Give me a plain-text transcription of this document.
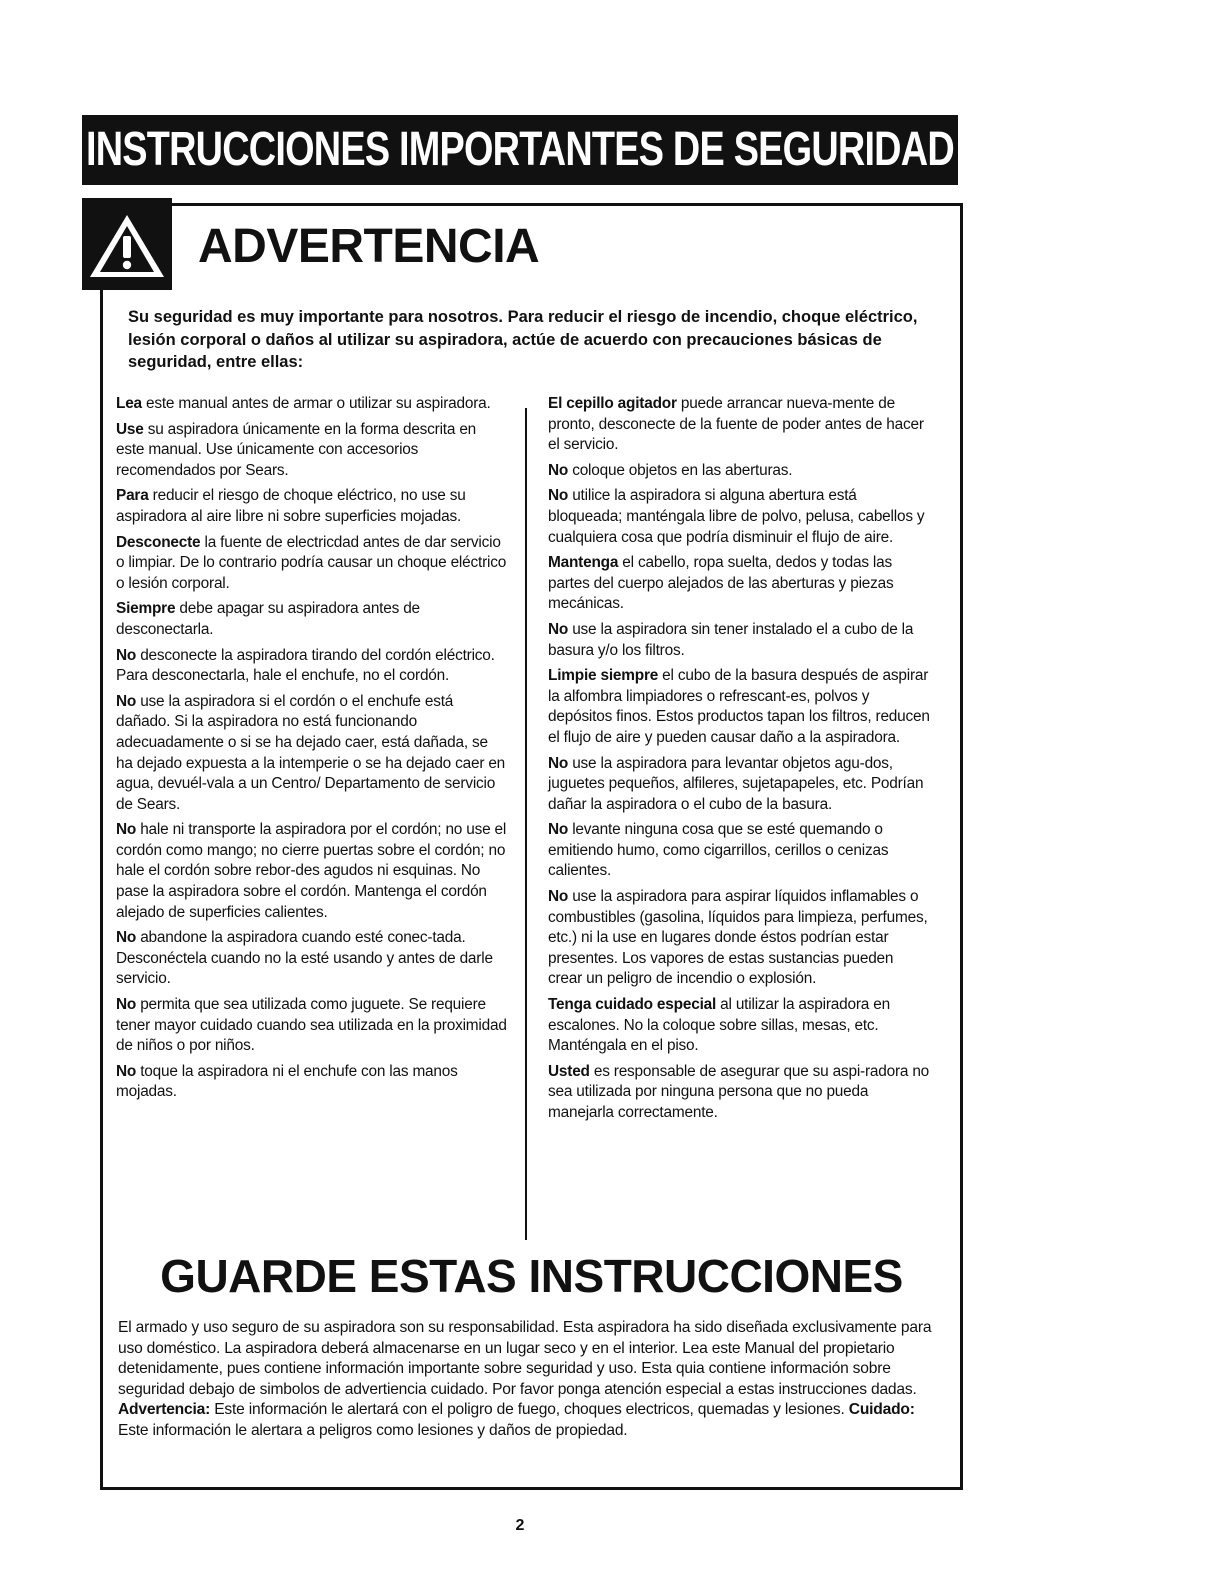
INSTRUCCIONES IMPORTANTES DE SEGURIDAD
ADVERTENCIA
Su seguridad es muy importante para nosotros. Para reducir el riesgo de incendio, choque eléctrico, lesión corporal o daños al utilizar su aspiradora, actúe de acuerdo con precauciones básicas de seguridad, entre ellas:

Lea este manual antes de armar o utilizar su aspiradora.

Use su aspiradora únicamente en la forma descrita en este manual. Use únicamente con accesorios recomendados por Sears.

Para reducir el riesgo de choque eléctrico, no use su aspiradora al aire libre ni sobre superficies mojadas.

Desconecte la fuente de electricdad antes de dar servicio o limpiar. De lo contrario podría causar un choque eléctrico o lesión corporal.

Siempre debe apagar su aspiradora antes de desconectarla.

No desconecte la aspiradora tirando del cordón eléctrico. Para desconectarla, hale el enchufe, no el cordón.

No use la aspiradora si el cordón o el enchufe está dañado. Si la aspiradora no está funcionando adecuadamente o si se ha dejado caer, está dañada, se ha dejado expuesta a la intemperie o se ha dejado caer en agua, devuél-vala a un Centro/ Departamento de servicio de Sears.

No hale ni transporte la aspiradora por el cordón; no use el cordón como mango; no cierre puertas sobre el cordón; no hale el cordón sobre rebor-des agudos ni esquinas. No pase la aspiradora sobre el cordón. Mantenga el cordón alejado de superficies calientes.

No abandone la aspiradora cuando esté conec-tada. Desconéctela cuando no la esté usando y antes de darle servicio.

No permita que sea utilizada como juguete. Se requiere tener mayor cuidado cuando sea utilizada en la proximidad de niños o por niños.

No toque la aspiradora ni el enchufe con las manos mojadas.

El cepillo agitador puede arrancar nueva-mente de pronto, desconecte de la fuente de poder antes de hacer el servicio.

No coloque objetos en las aberturas.

No utilice la aspiradora si alguna abertura está bloqueada; manténgala libre de polvo, pelusa, cabellos y cualquiera cosa que podría disminuir el flujo de aire.

Mantenga el cabello, ropa suelta, dedos y todas las partes del cuerpo alejados de las aberturas y piezas mecánicas.

No use la aspiradora sin tener instalado el a cubo de la basura y/o los filtros.

Limpie siempre el cubo de la basura después de aspirar la alfombra limpiadores o refrescant-es, polvos y depósitos finos. Estos productos tapan los filtros, reducen el flujo de aire y pueden causar daño a la aspiradora.

No use la aspiradora para levantar objetos agu-dos, juguetes pequeños, alfileres, sujetapapeles, etc. Podrían dañar la aspiradora o el cubo de la basura.

No levante ninguna cosa que se esté quemando o emitiendo humo, como cigarrillos, cerillos o cenizas calientes.

No use la aspiradora para aspirar líquidos inflamables o combustibles (gasolina, líquidos para limpieza, perfumes, etc.) ni la use en lugares donde éstos podrían estar presentes. Los vapores de estas sustancias pueden crear un peligro de incendio o explosión.

Tenga cuidado especial al utilizar la aspiradora en escalones. No la coloque sobre sillas, mesas, etc. Manténgala en el piso.

Usted es responsable de asegurar que su aspi-radora no sea utilizada por ninguna persona que no pueda manejarla correctamente.

GUARDE ESTAS INSTRUCCIONES
El armado y uso seguro de su aspiradora son su responsabilidad. Esta aspiradora ha sido diseñada exclusivamente para uso doméstico. La aspiradora deberá almacenarse en un lugar seco y en el interior. Lea este Manual del propietario detenidamente, pues contiene información importante sobre seguridad y uso. Esta quia contiene información sobre seguridad debajo de simbolos de advertiencia cuidado. Por favor ponga atención especial a estas instrucciones dadas. Advertencia: Este información le alertará con el poligro de fuego, choques electricos, quemadas y lesiones. Cuidado: Este información le alertara a peligros como lesiones y daños de propiedad.
2
